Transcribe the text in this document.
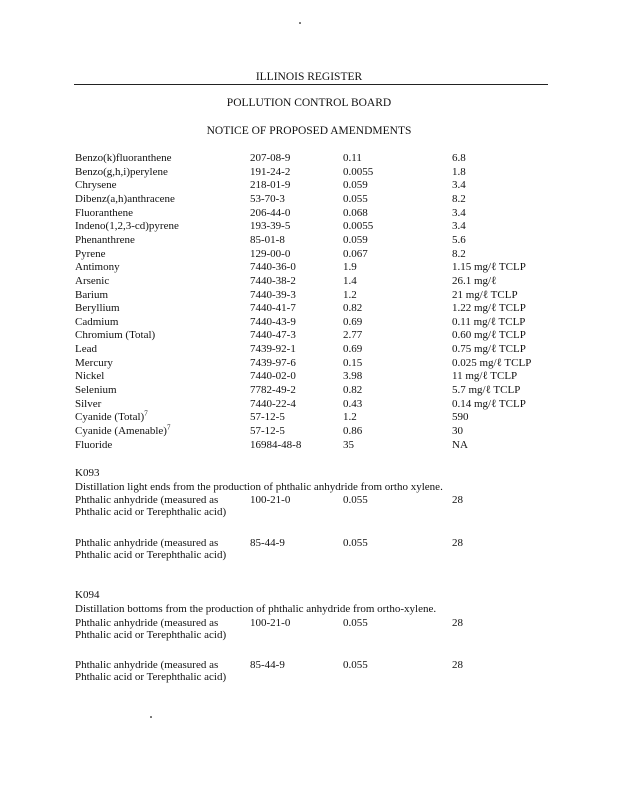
ILLINOIS REGISTER
POLLUTION CONTROL BOARD
NOTICE OF PROPOSED AMENDMENTS
Benzo(k)fluoranthene	207-08-9	0.11	6.8
Benzo(g,h,i)perylene	191-24-2	0.0055	1.8
Chrysene	218-01-9	0.059	3.4
Dibenz(a,h)anthracene	53-70-3	0.055	8.2
Fluoranthene	206-44-0	0.068	3.4
Indeno(1,2,3-cd)pyrene	193-39-5	0.0055	3.4
Phenanthrene	85-01-8	0.059	5.6
Pyrene	129-00-0	0.067	8.2
Antimony	7440-36-0	1.9	1.15 mg/ℓ TCLP
Arsenic	7440-38-2	1.4	26.1 mg/ℓ
Barium	7440-39-3	1.2	21 mg/ℓ TCLP
Beryllium	7440-41-7	0.82	1.22 mg/ℓ TCLP
Cadmium	7440-43-9	0.69	0.11 mg/ℓ TCLP
Chromium (Total)	7440-47-3	2.77	0.60 mg/ℓ TCLP
Lead	7439-92-1	0.69	0.75 mg/ℓ TCLP
Mercury	7439-97-6	0.15	0.025 mg/ℓ TCLP
Nickel	7440-02-0	3.98	11 mg/ℓ TCLP
Selenium	7782-49-2	0.82	5.7 mg/ℓ TCLP
Silver	7440-22-4	0.43	0.14 mg/ℓ TCLP
Cyanide (Total)$^7$	57-12-5	1.2	590
Cyanide (Amenable)$^7$	57-12-5	0.86	30
Fluoride	16984-48-8	35	NA
K093
Distillation light ends from the production of phthalic anhydride from ortho xylene.
Phthalic anhydride (measured as Phthalic acid or Terephthalic acid)
100-21-0	0.055	28
Phthalic anhydride (measured as Phthalic acid or Terephthalic acid)
85-44-9	0.055	28
K094
Distillation bottoms from the production of phthalic anhydride from ortho-xylene.
Phthalic anhydride (measured as Phthalic acid or Terephthalic acid)
100-21-0	0.055	28
Phthalic anhydride (measured as Phthalic acid or Terephthalic acid)
85-44-9	0.055	28
